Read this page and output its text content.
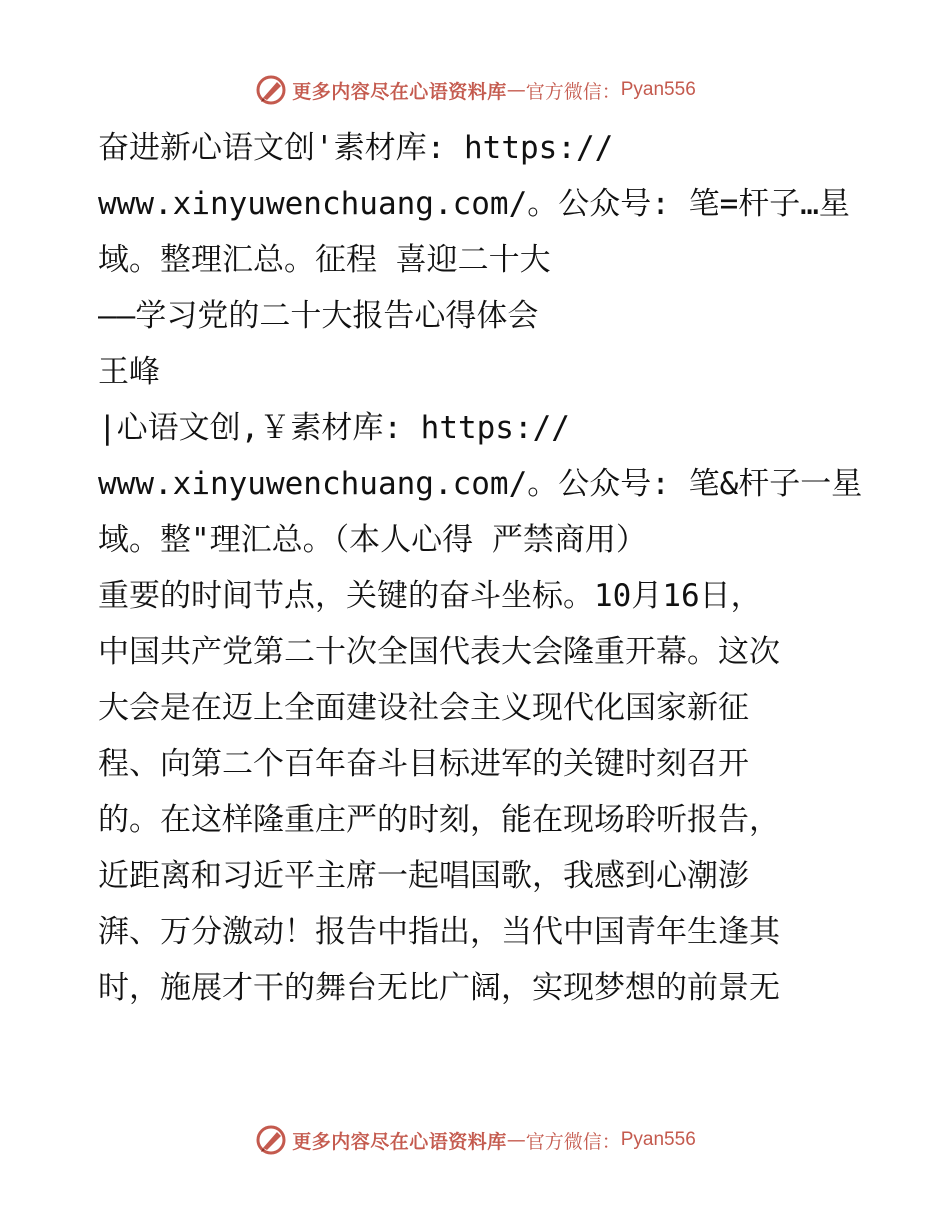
更多内容尽在心语资料库 — 官方微信： Pyan556
奋进新心语文创'素材库: https://
www.xinyuwenchuang.com/。公众号: 笔=杆子…星
域。整理汇总。征程 喜迎二十大
——学习党的二十大报告心得体会
王峰
|心语文创,￥素材库: https://
www.xinyuwenchuang.com/。公众号: 笔&杆子一星
域。整"理汇总。（本人心得 严禁商用）
重要的时间节点，关键的奋斗坐标。10月16日，
中国共产党第二十次全国代表大会隆重开幕。这次
大会是在迈上全面建设社会主义现代化国家新征
程、向第二个百年奋斗目标进军的关键时刻召开
的。在这样隆重庄严的时刻，能在现场聆听报告，
近距离和习近平主席一起唱国歌，我感到心潮澎
湃、万分激动！报告中指出，当代中国青年生逢其
时，施展才干的舞台无比广阔，实现梦想的前景无
更多内容尽在心语资料库 — 官方微信： Pyan556
